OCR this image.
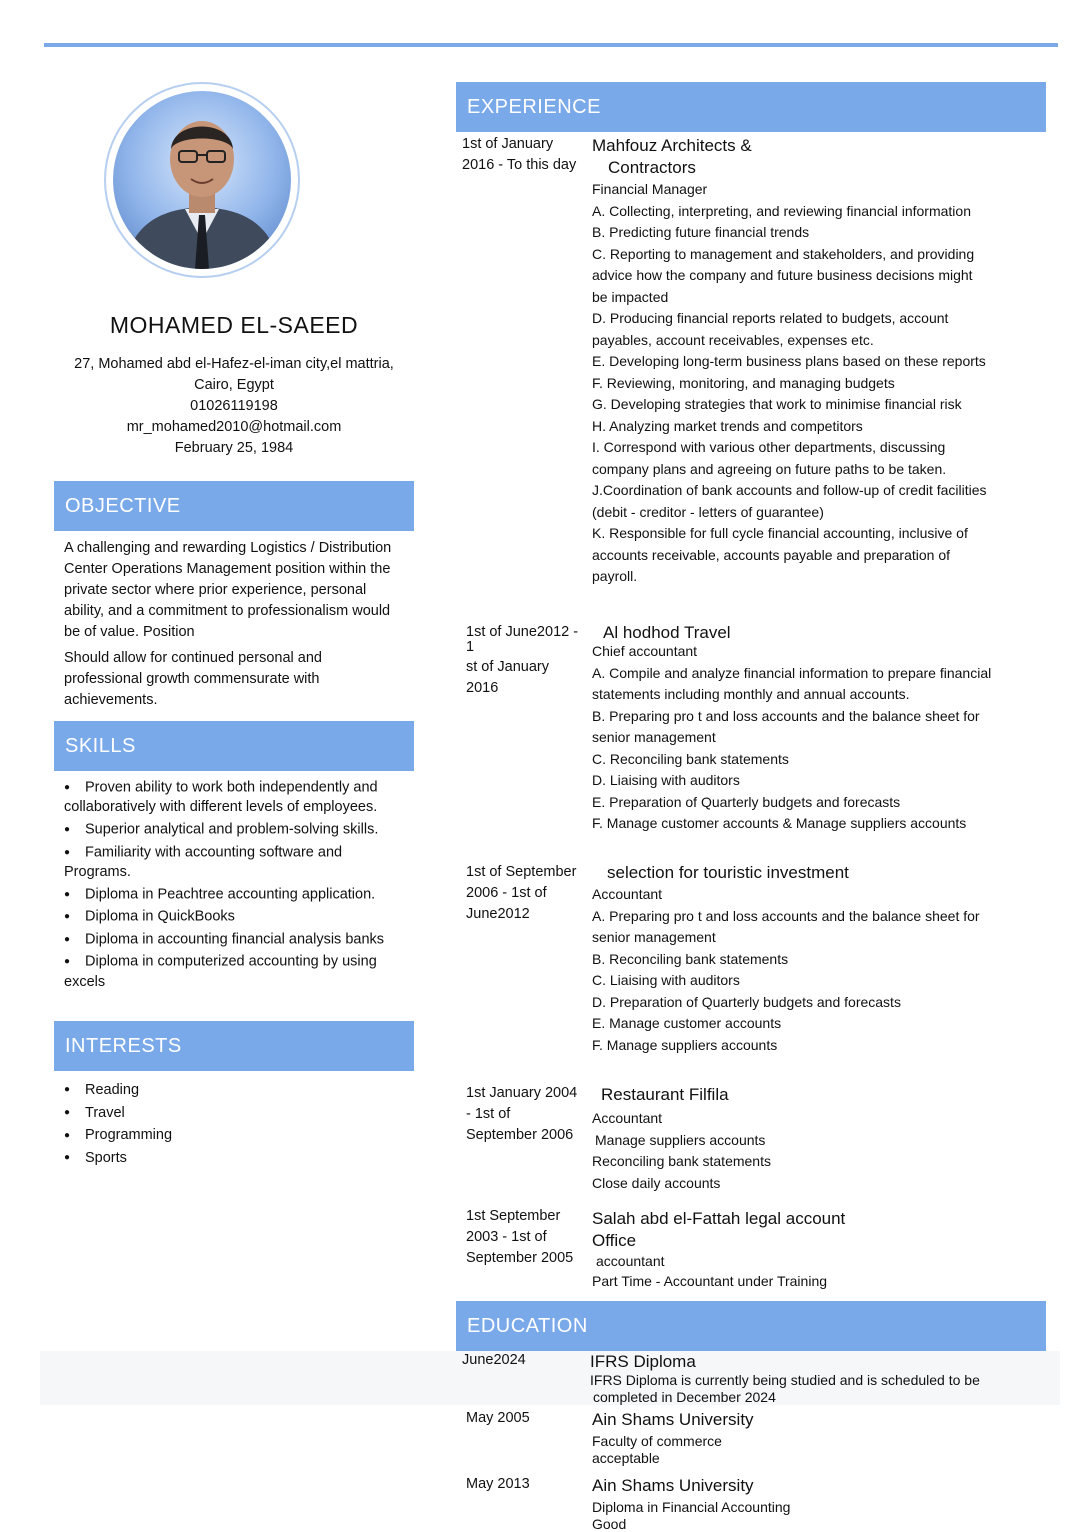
MOHAMED EL-SAEED
27, Mohamed abd el-Hafez-el-iman city,el mattria,
Cairo, Egypt
01026119198
mr_mohamed2010@hotmail.com
February 25, 1984
OBJECTIVE

A challenging and rewarding Logistics / Distribution Center Operations Management position within the private sector where prior experience, personal ability, and a commitment to professionalism would be of value. Position

Should allow for continued personal and professional growth commensurate with achievements.

SKILLS
● Proven ability to work both independently and collaboratively with different levels of employees.
● Superior analytical and problem-solving skills.
● Familiarity with accounting software and Programs.
● Diploma in Peachtree accounting application.
● Diploma in QuickBooks
● Diploma in accounting financial analysis banks
● Diploma in computerized accounting by using excels
INTERESTS
● Reading
● Travel
● Programming
● Sports
EXPERIENCE
1st of January
2016 - To this day
Mahfouz Architects &
Contractors
Financial Manager
A. Collecting, interpreting, and reviewing financial information
B. Predicting future financial trends
C. Reporting to management and stakeholders, and providing
advice how the company and future business decisions might
be impacted
D. Producing financial reports related to budgets, account
payables, account receivables, expenses etc.
E. Developing long-term business plans based on these reports
F. Reviewing, monitoring, and managing budgets
G. Developing strategies that work to minimise financial risk
H. Analyzing market trends and competitors
I. Correspond with various other departments, discussing
company plans and agreeing on future paths to be taken.
J.Coordination of bank accounts and follow-up of credit facilities
(debit - creditor - letters of guarantee)
K. Responsible for full cycle financial accounting, inclusive of
accounts receivable, accounts payable and preparation of
payroll.
1st of June2012 -
1
st of January
2016
Al hodhod Travel
Chief accountant
A. Compile and analyze financial information to prepare financial
statements including monthly and annual accounts.
B. Preparing pro t and loss accounts and the balance sheet for
senior management
C. Reconciling bank statements
D. Liaising with auditors
E. Preparation of Quarterly budgets and forecasts
F. Manage customer accounts & Manage suppliers accounts
1st of September
2006 - 1st of
June2012
selection for touristic investment
Accountant
A. Preparing pro t and loss accounts and the balance sheet for
senior management
B. Reconciling bank statements
C. Liaising with auditors
D. Preparation of Quarterly budgets and forecasts
E. Manage customer accounts
F. Manage suppliers accounts
1st January 2004
- 1st of
September 2006
Restaurant Filfila
Accountant
Manage suppliers accounts
Reconciling bank statements
Close daily accounts
1st September
2003 - 1st of
September 2005
Salah abd el-Fattah legal account
Office
accountant
Part Time - Accountant under Training
EDUCATION
June2024	IFRS Diploma
IFRS Diploma is currently being studied and is scheduled to be
completed in December 2024
May 2005	Ain Shams University
Faculty of commerce
acceptable
May 2013	Ain Shams University
Diploma in Financial Accounting
Good
